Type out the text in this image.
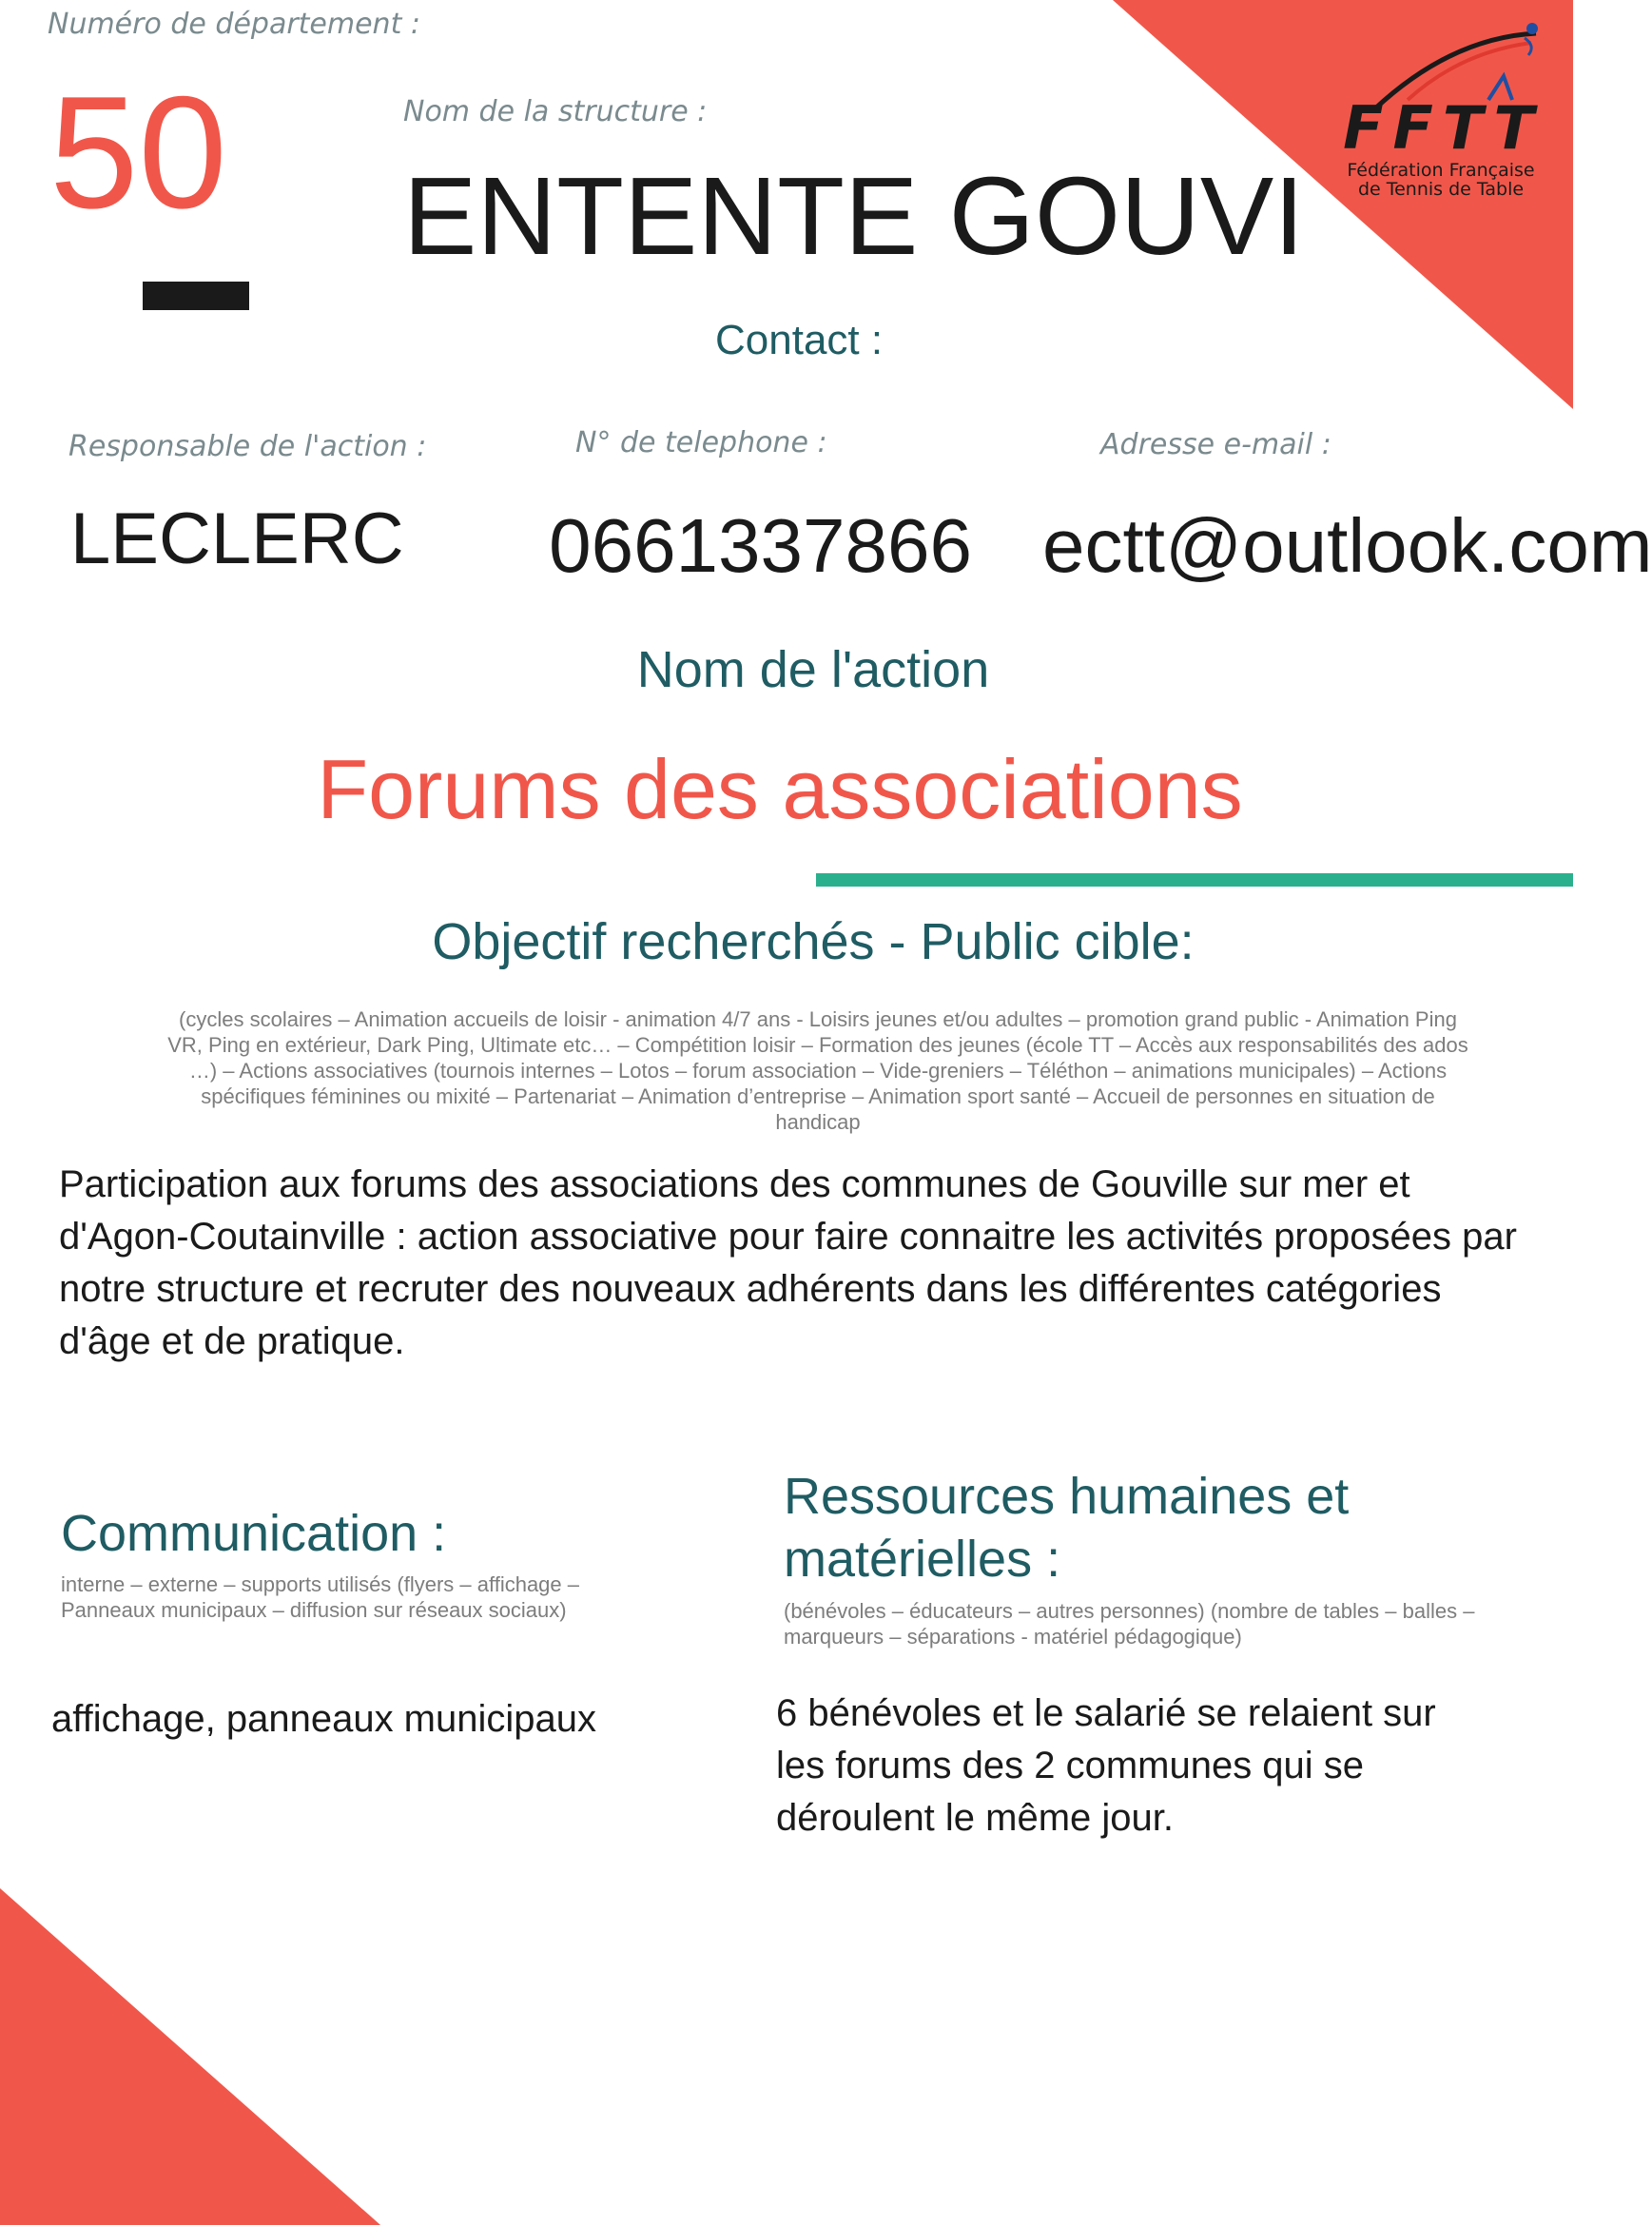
FFTT
Fédération Française
de Tennis de Table
Numéro de département :
50	Nom de la structure :
ENTENTE GOUVI
Contact :
Responsable de l'action :
LECLERC
N° de telephone :
0661337866
Adresse e-mail :
ectt@outlook.com
Nom de l'action
Forums des associations
Objectif recherchés - Public cible:
(cycles scolaires – Animation accueils de loisir - animation 4/7 ans - Loisirs jeunes et/ou adultes – promotion grand public - Animation Ping VR, Ping en extérieur, Dark Ping, Ultimate etc… – Compétition loisir – Formation des jeunes (école TT – Accès aux responsabilités des ados …) – Actions associatives (tournois internes – Lotos – forum association – Vide-greniers – Téléthon – animations municipales) – Actions spécifiques féminines ou mixité – Partenariat – Animation d’entreprise – Animation sport santé – Accueil de personnes en situation de handicap
Participation aux forums des associations des communes de Gouville sur mer et d'Agon-Coutainville : action associative pour faire connaitre les activités proposées par notre structure et recruter des nouveaux adhérents dans les différentes catégories d'âge et de pratique.
Communication :
interne – externe – supports utilisés (flyers – affichage – Panneaux municipaux – diffusion sur réseaux sociaux)
affichage, panneaux municipaux
Ressources humaines et matérielles :
(bénévoles – éducateurs – autres personnes) (nombre de tables – balles – marqueurs – séparations - matériel pédagogique)
6 bénévoles et le salarié se relaient sur les forums des 2 communes qui se déroulent le même jour.
